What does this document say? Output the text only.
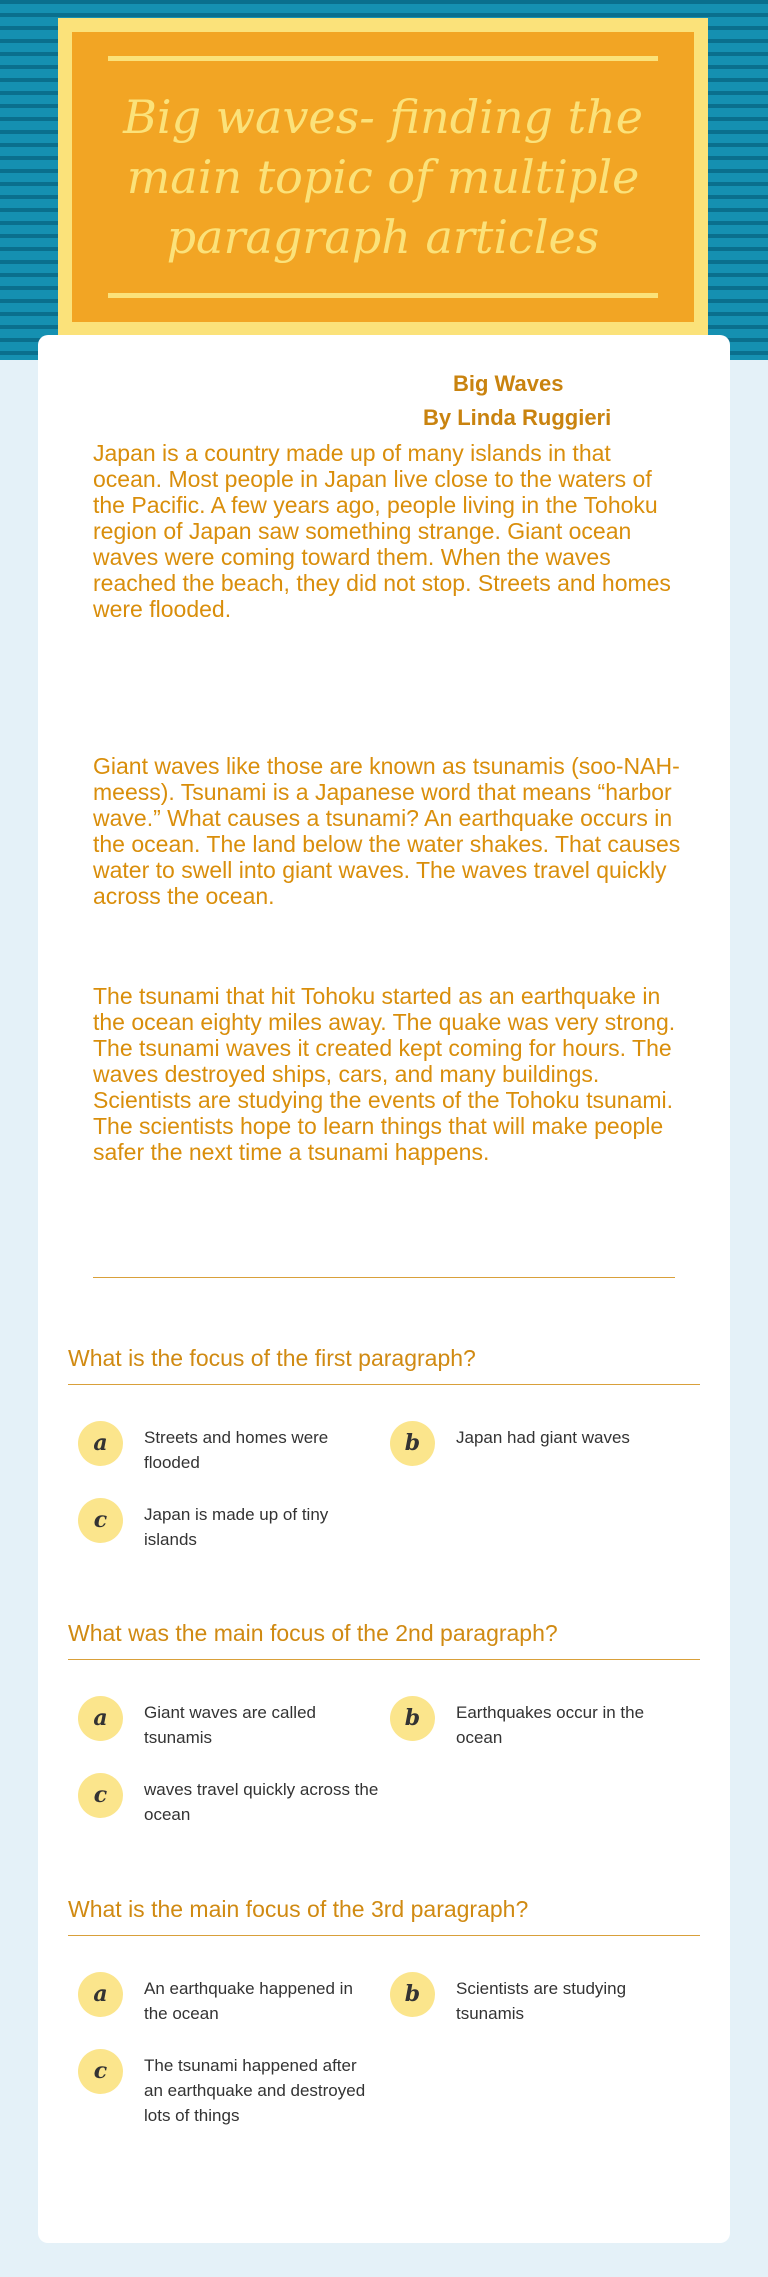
Big waves- finding the main topic of multiple paragraph articles
Big Waves
By Linda Ruggieri

Japan is a country made up of many islands in that ocean. Most people in Japan live close to the waters of the Pacific. A few years ago, people living in the Tohoku region of Japan saw something strange. Giant ocean waves were coming toward them. When the waves reached the beach, they did not stop. Streets and homes were flooded.

Giant waves like those are known as tsunamis (soo-NAH-meess). Tsunami is a Japanese word that means “harbor wave.” What causes a tsunami? An earthquake occurs in the ocean. The land below the water shakes. That causes water to swell into giant waves. The waves travel quickly across the ocean.

The tsunami that hit Tohoku started as an earthquake in the ocean eighty miles away. The quake was very strong. The tsunami waves it created kept coming for hours. The waves destroyed ships, cars, and many buildings. Scientists are studying the events of the Tohoku tsunami. The scientists hope to learn things that will make people safer the next time a tsunami happens.

What is the focus of the first paragraph?
a	Streets and homes were flooded
b	Japan had giant waves
c	Japan is made up of tiny islands
What was the main focus of the 2nd paragraph?
a	Giant waves are called tsunamis
b	Earthquakes occur in the ocean
c	waves travel quickly across the ocean
What is the main focus of the 3rd paragraph?
a	An earthquake happened in the ocean
b	Scientists are studying tsunamis
c	The tsunami happened after an earthquake and destroyed lots of things
